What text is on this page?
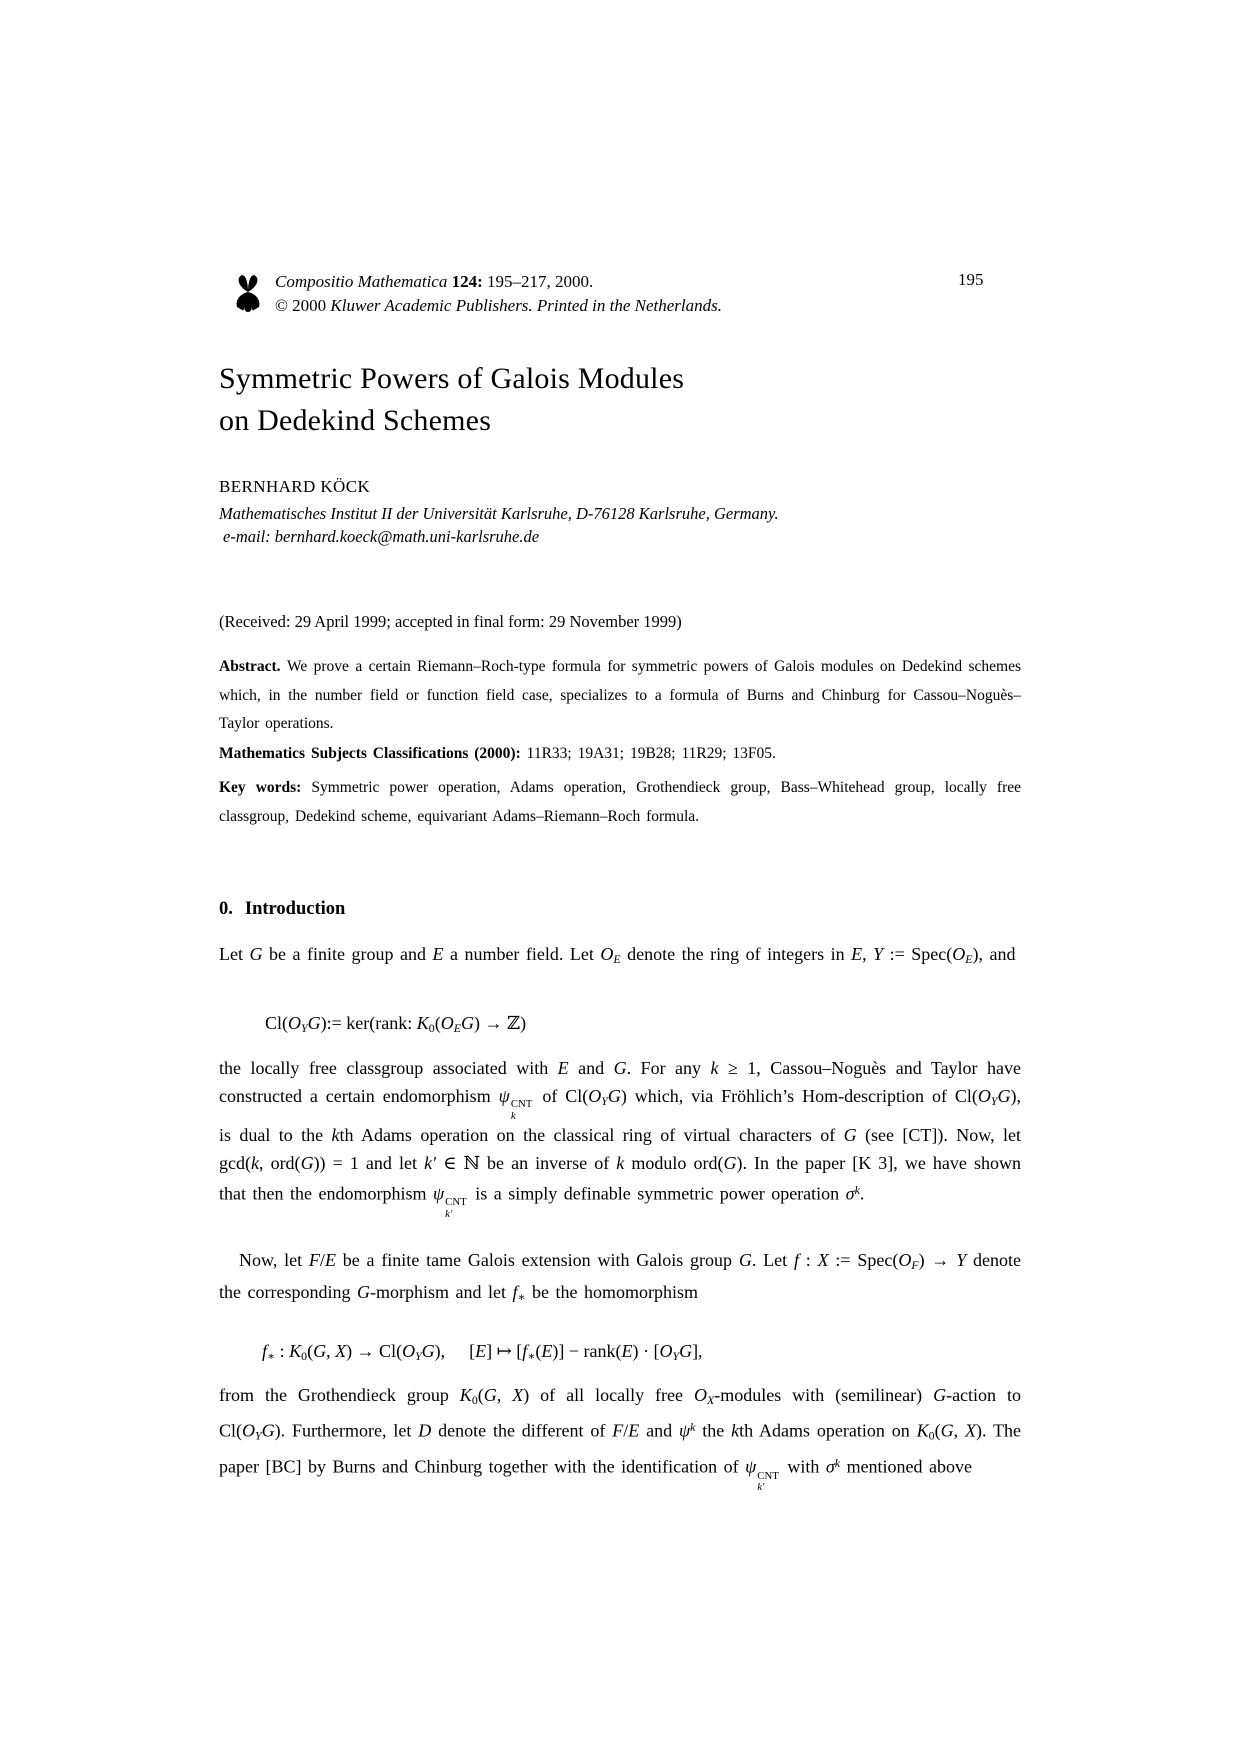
Compositio Mathematica 124: 195–217, 2000.
© 2000 Kluwer Academic Publishers. Printed in the Netherlands.
195
Symmetric Powers of Galois Modules
on Dedekind Schemes
BERNHARD KÖCK
Mathematisches Institut II der Universität Karlsruhe, D-76128 Karlsruhe, Germany.
e-mail: bernhard.koeck@math.uni-karlsruhe.de
(Received: 29 April 1999; accepted in final form: 29 November 1999)
Abstract. We prove a certain Riemann–Roch-type formula for symmetric powers of Galois modules on Dedekind schemes which, in the number field or function field case, specializes to a formula of Burns and Chinburg for Cassou–Noguès–Taylor operations.
Mathematics Subjects Classifications (2000): 11R33; 19A31; 19B28; 11R29; 13F05.
Key words: Symmetric power operation, Adams operation, Grothendieck group, Bass–Whitehead group, locally free classgroup, Dedekind scheme, equivariant Adams–Riemann–Roch formula.
0. Introduction
Let G be a finite group and E a number field. Let $O_E$ denote the ring of integers in E, Y := $Spec(O_E)$, and
$Cl(O_YG):=$ ker(rank: $K0(O_EG)$ → ℤ)
the locally free classgroup associated with E and G. For any k ≥ 1, Cassou–Noguès and Taylor have constructed a certain endomorphism ψ CNT
k
of $Cl(O_YG)$ which, via Fröhlich’s Hom-description of $Cl(O_YG)$, is dual to the kth Adams operation on the classical ring of virtual characters of G (see [CT]). Now, let gcd(k, ord(G)) = 1 and let k′ ∈ ℕ be an inverse of k modulo ord(G). In the paper [K 3], we have shown that then the endomorphism ψ CNT
k′
is a simply definable symmetric power operation $\sigma^k$.
Now, let F/E be a finite tame Galois extension with Galois group G. Let f : X := $Spec(O_F) \to Y$ denote the corresponding G-morphism and let f∗ be the homomorphism
f∗ : K0(G, $X) \to Cl(O_YG)$, [E] ↦ [f∗(E)] − rank(E) · $[O_YG]$,
from the Grothendieck group K0(G, X) of all locally free $O_X$-modules with (semilinear) G-action to $Cl(O_YG)$. Furthermore, let D denote the different of F/E and $\psi^k$ the kth Adams operation on K0(G, X). The paper [BC] by Burns and Chinburg together with the identification of ψ CNT
k′
with $\sigma^k$ mentioned above
